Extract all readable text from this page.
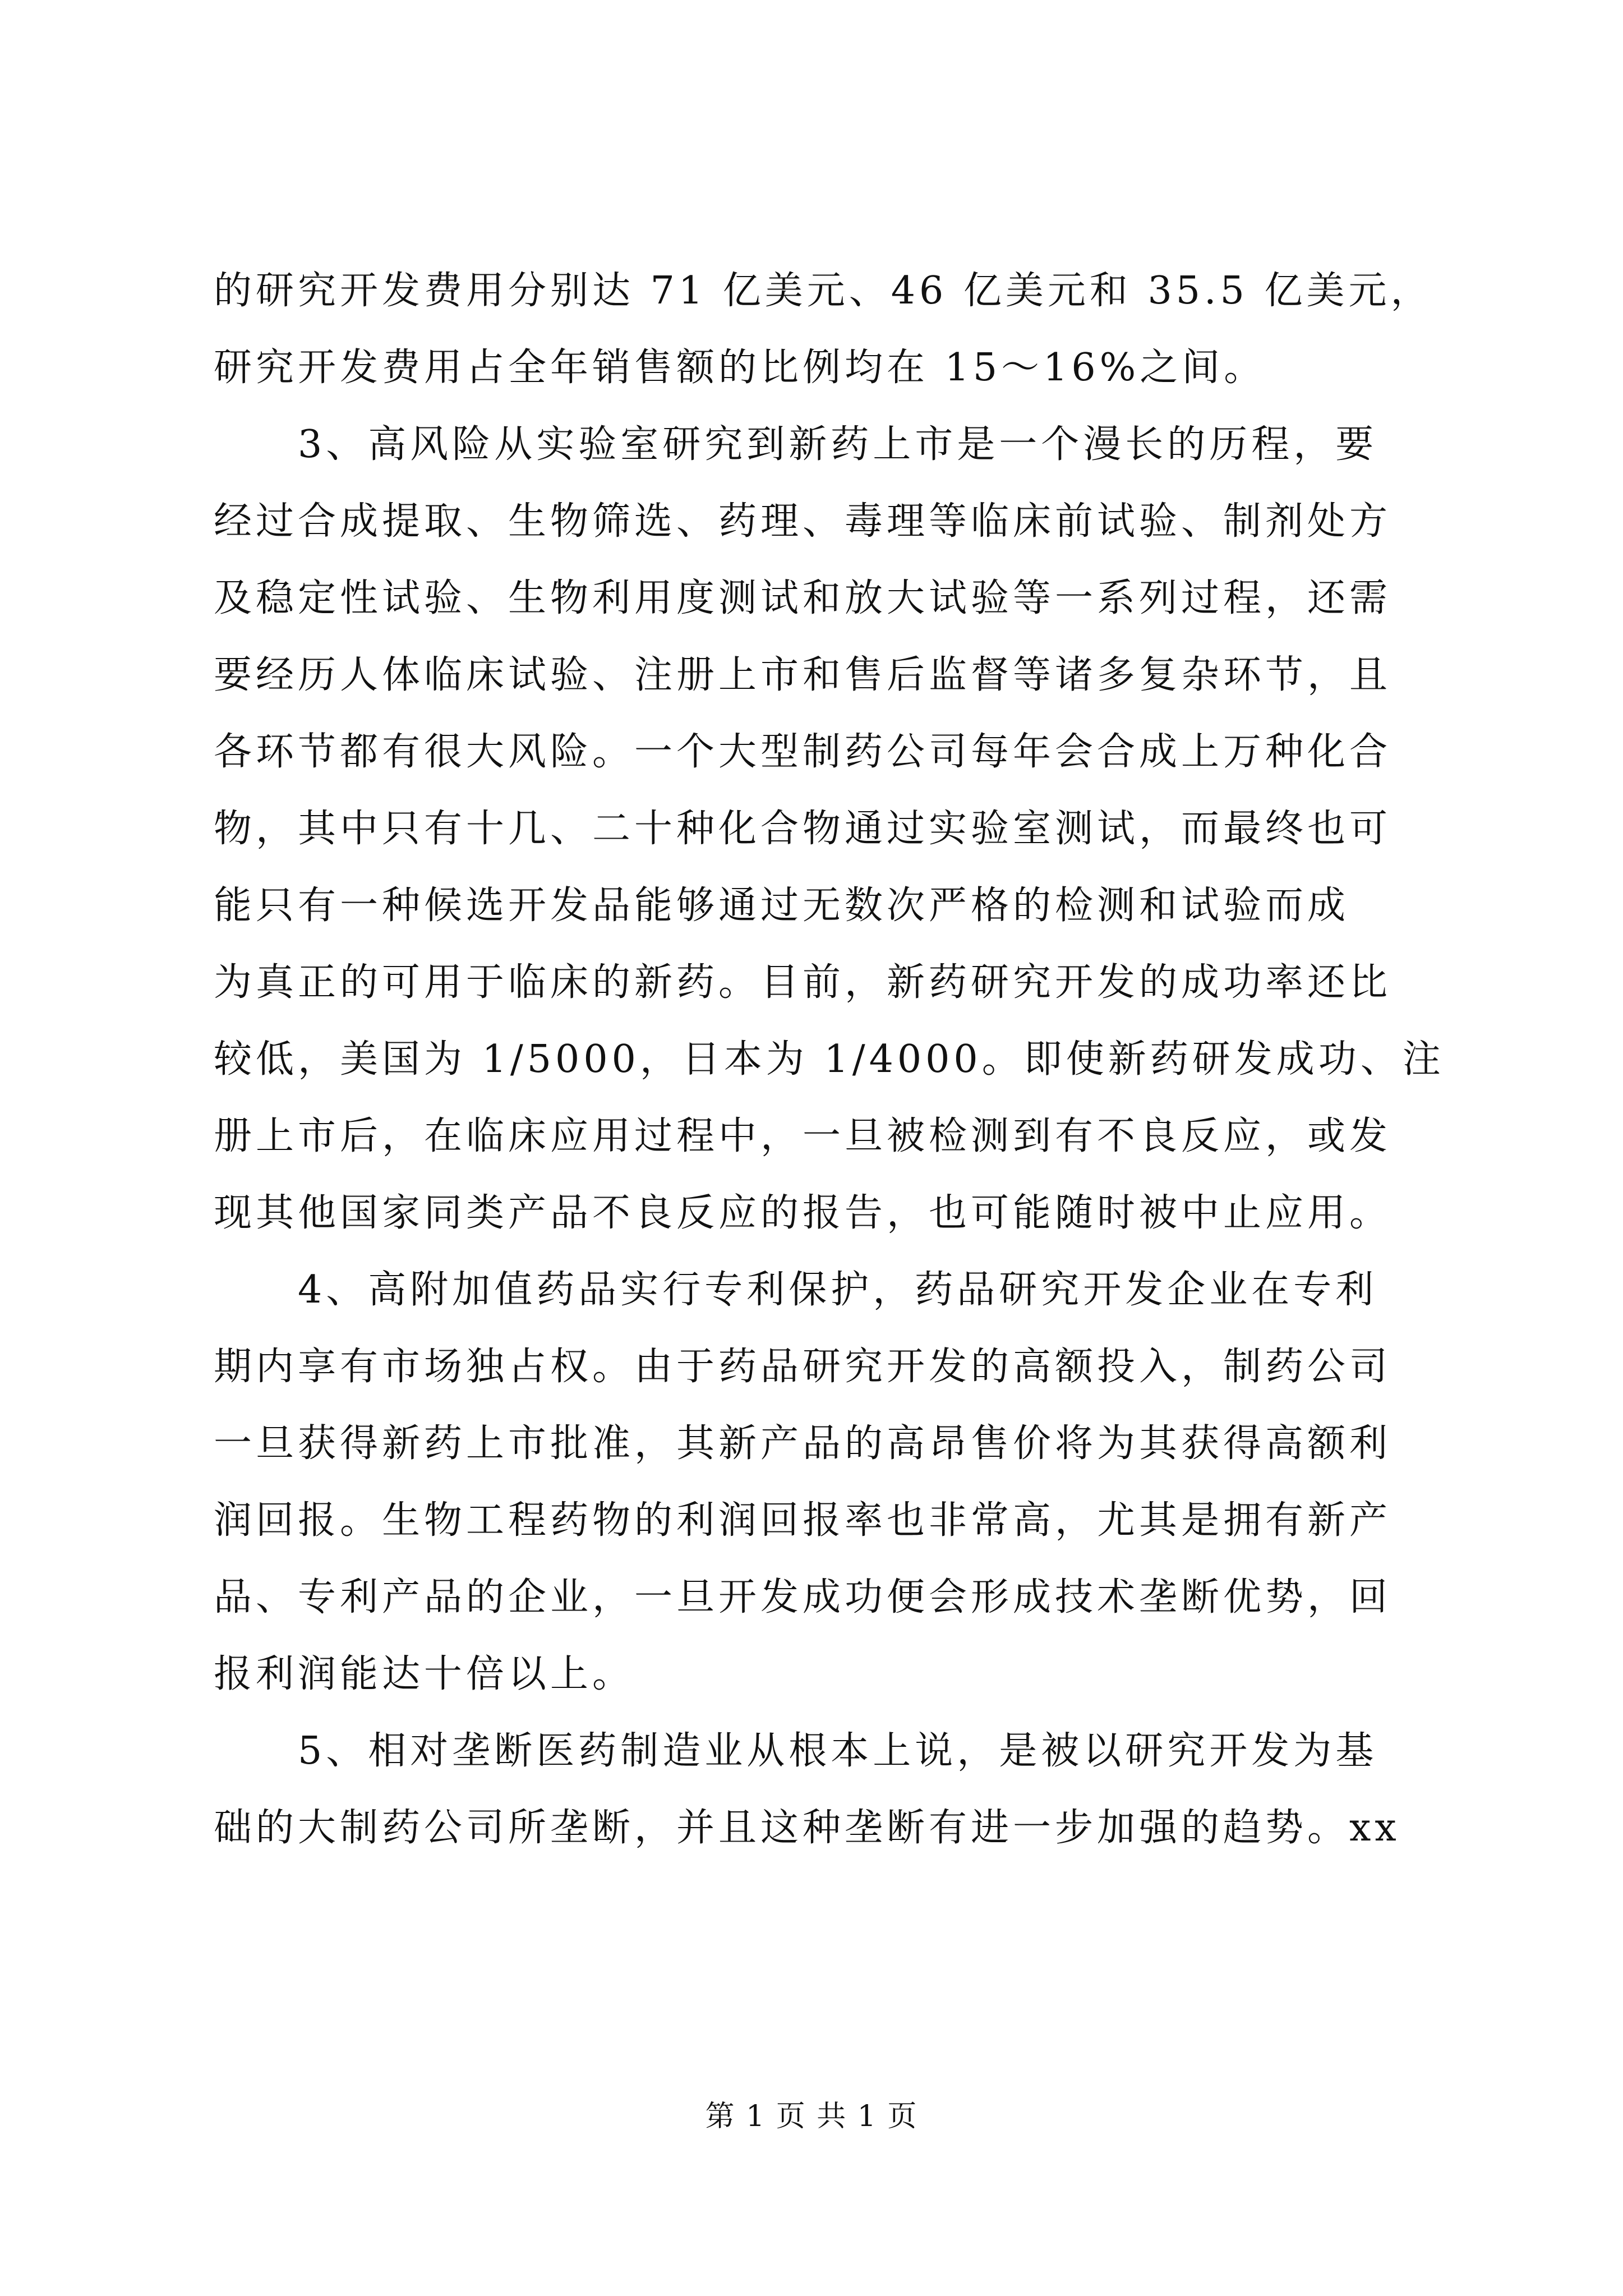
的研究开发费用分别达 71 亿美元、46 亿美元和 35.5 亿美元，
研究开发费用占全年销售额的比例均在 15～16%之间。
　　3、高风险从实验室研究到新药上市是一个漫长的历程，要
经过合成提取、生物筛选、药理、毒理等临床前试验、制剂处方
及稳定性试验、生物利用度测试和放大试验等一系列过程，还需
要经历人体临床试验、注册上市和售后监督等诸多复杂环节，且
各环节都有很大风险。一个大型制药公司每年会合成上万种化合
物，其中只有十几、二十种化合物通过实验室测试，而最终也可
能只有一种候选开发品能够通过无数次严格的检测和试验而成
为真正的可用于临床的新药。目前，新药研究开发的成功率还比
较低，美国为 1/5000，日本为 1/4000。即使新药研发成功、注
册上市后，在临床应用过程中，一旦被检测到有不良反应，或发
现其他国家同类产品不良反应的报告，也可能随时被中止应用。
　　4、高附加值药品实行专利保护，药品研究开发企业在专利
期内享有市场独占权。由于药品研究开发的高额投入，制药公司
一旦获得新药上市批准，其新产品的高昂售价将为其获得高额利
润回报。生物工程药物的利润回报率也非常高，尤其是拥有新产
品、专利产品的企业，一旦开发成功便会形成技术垄断优势，回
报利润能达十倍以上。
　　5、相对垄断医药制造业从根本上说，是被以研究开发为基
础的大制药公司所垄断，并且这种垄断有进一步加强的趋势。xx
第 1 页 共 1 页
